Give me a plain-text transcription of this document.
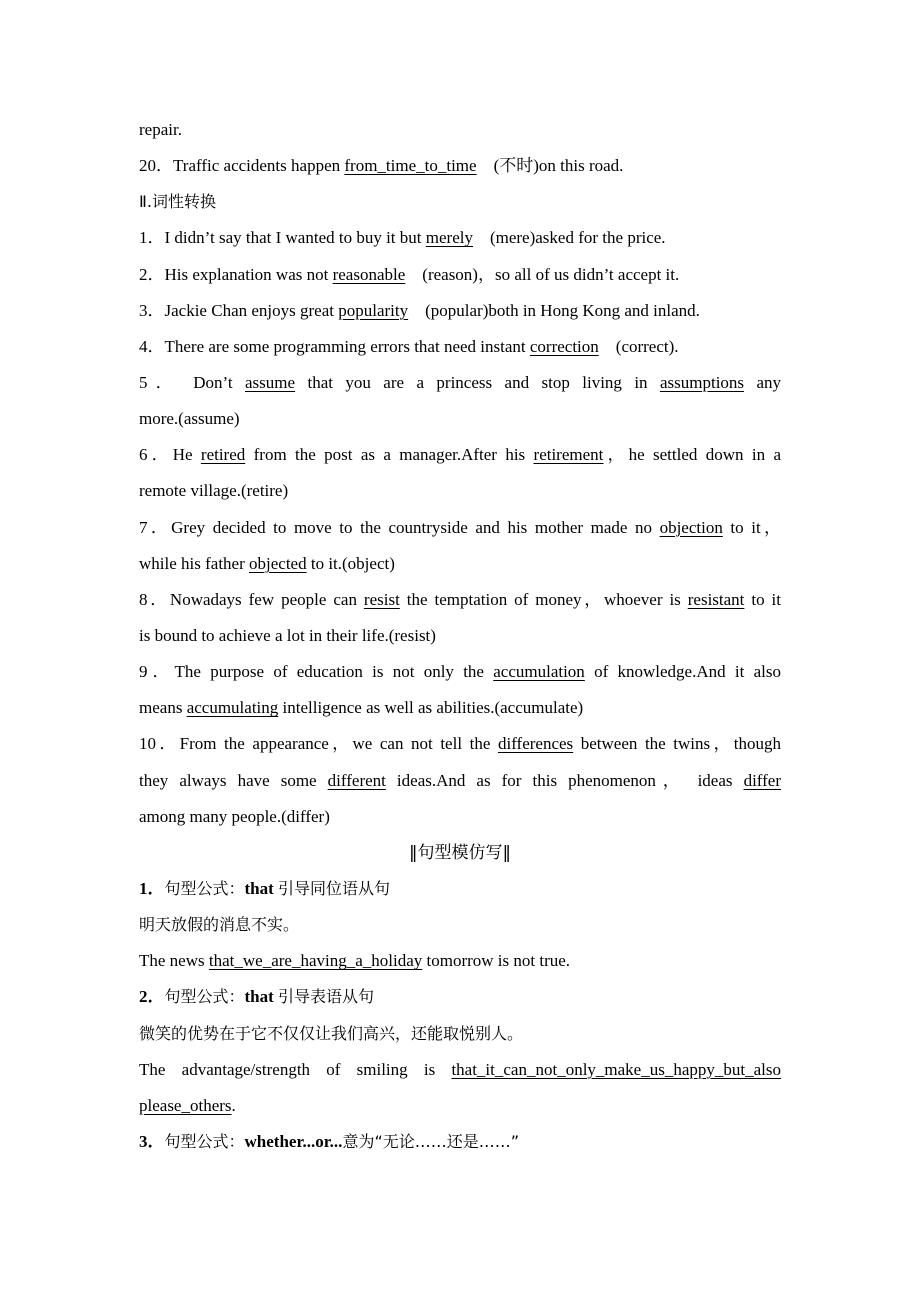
repair.
20．Traffic accidents happen from_time_to_time　(不时)on this road.
Ⅱ.词性转换
1．I didn’t say that I wanted to buy it but merely　(mere)asked for the price.
2．His explanation was not reasonable　(reason)，so all of us didn’t accept it.
3．Jackie Chan enjoys great popularity　(popular)both in Hong Kong and inland.
4．There are some programming errors that need instant correction　(correct).
5． Don’t assume that you are a princess and stop living in assumptions any
more.(assume)
6．He retired from the post as a manager.After his retirement，he settled down in a
remote village.(retire)
7．Grey decided to move to the countryside and his mother made no objection to it，
while his father objected to it.(object)
8．Nowadays few people can resist the temptation of money，whoever is resistant to it
is bound to achieve a lot in their life.(resist)
9．The purpose of education is not only the accumulation of knowledge.And it also
means accumulating intelligence as well as abilities.(accumulate)
10．From the appearance，we can not tell the differences between the twins，though
they always have some different ideas.And as for this phenomenon， ideas differ
among many people.(differ)
‖句型模仿写‖
1．句型公式：that 引导同位语从句
明天放假的消息不实。
The news that_we_are_having_a_holiday tomorrow is not true.
2．句型公式：that 引导表语从句
微笑的优势在于它不仅仅让我们高兴，还能取悦别人。
The advantage/strength of smiling is that_it_can_not_only_make_us_happy_but_also
please_others.
3．句型公式：whether...or...意为“无论……还是……”
